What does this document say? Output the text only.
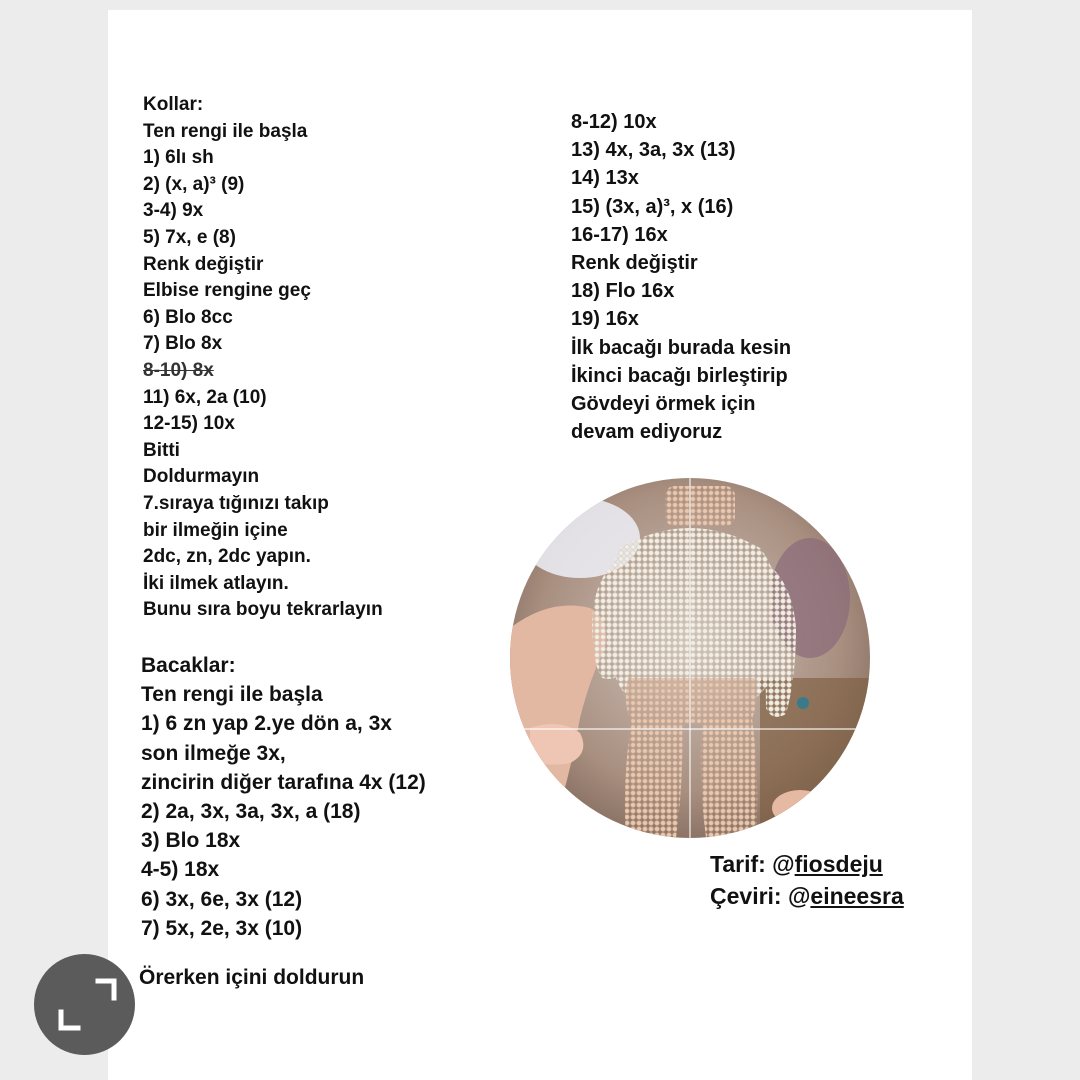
Kollar:
Ten rengi ile başla
1) 6lı sh
2) (x, a)³ (9)
3-4) 9x
5) 7x, e (8)
Renk değiştir
Elbise rengine geç
6) Blo 8cc
7) Blo 8x
8-10) 8x
11) 6x, 2a (10)
12-15) 10x
Bitti
Doldurmayın
7.sıraya tığınızı takıp
bir ilmeğin içine
2dc, zn, 2dc yapın.
İki ilmek atlayın.
Bunu sıra boyu tekrarlayın
Bacaklar:
Ten rengi ile başla
1) 6 zn yap 2.ye dön a, 3x
son ilmeğe 3x,
zincirin diğer tarafına 4x (12)
2) 2a, 3x, 3a, 3x, a (18)
3) Blo 18x
4-5) 18x
6) 3x, 6e, 3x (12)
7) 5x, 2e, 3x (10)
Örerken içini doldurun
8-12) 10x
13) 4x, 3a, 3x (13)
14) 13x
15) (3x, a)³, x (16)
16-17) 16x
Renk değiştir
18) Flo 16x
19) 16x
İlk bacağı burada kesin
İkinci bacağı birleştirip
Gövdeyi örmek için
devam ediyoruz
Tarif: @fiosdeju
Çeviri: @eineesra
